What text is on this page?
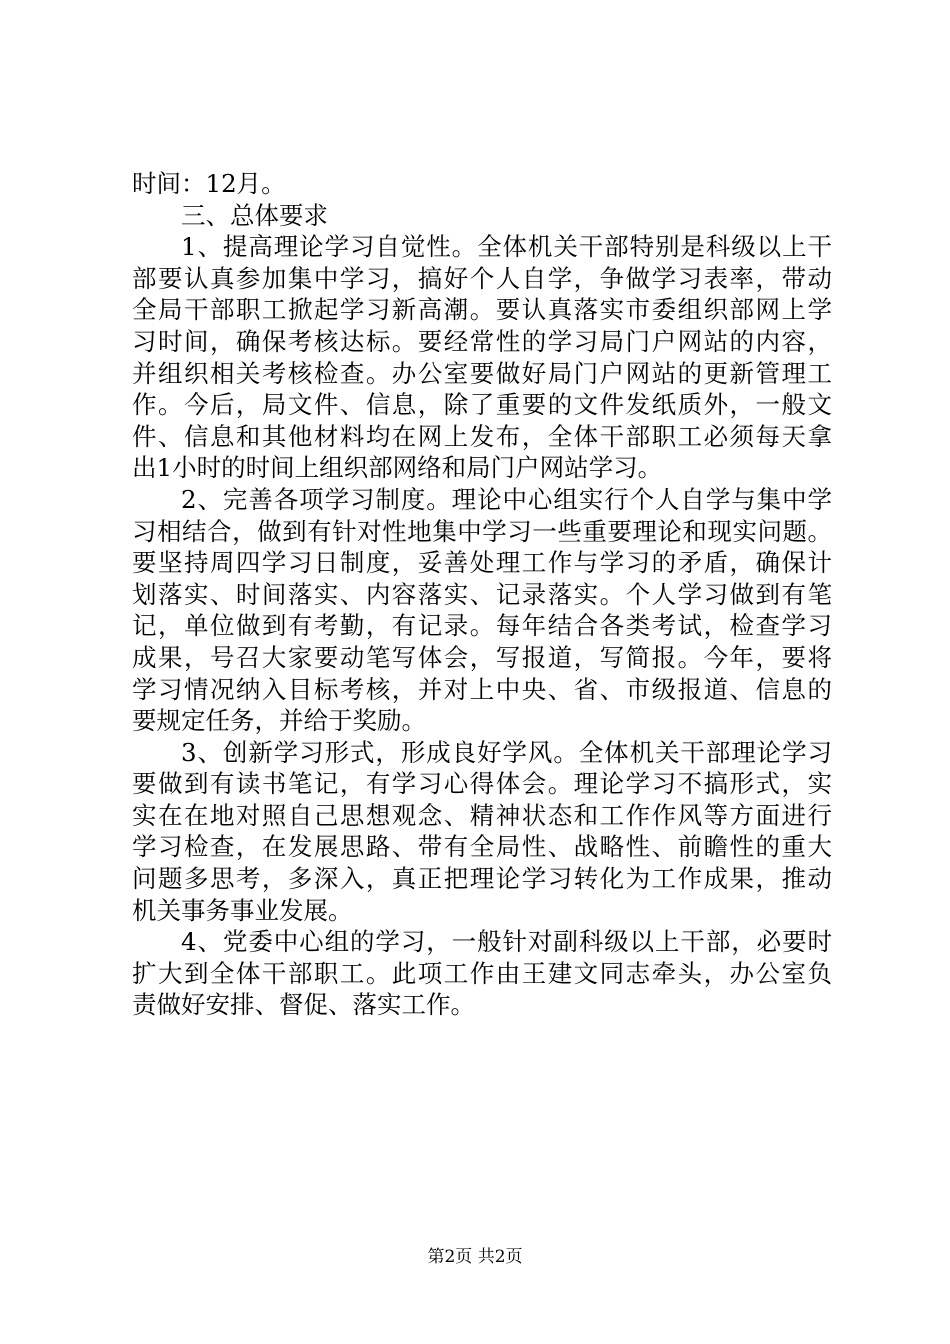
时间：12月。
三、总体要求
1、提高理论学习自觉性。全体机关干部特别是科级以上干
部要认真参加集中学习，搞好个人自学，争做学习表率，带动
全局干部职工掀起学习新高潮。要认真落实市委组织部网上学
习时间，确保考核达标。要经常性的学习局门户网站的内容，
并组织相关考核检查。办公室要做好局门户网站的更新管理工
作。今后，局文件、信息，除了重要的文件发纸质外，一般文
件、信息和其他材料均在网上发布，全体干部职工必须每天拿
出1小时的时间上组织部网络和局门户网站学习。
2、完善各项学习制度。理论中心组实行个人自学与集中学
习相结合，做到有针对性地集中学习一些重要理论和现实问题。
要坚持周四学习日制度，妥善处理工作与学习的矛盾，确保计
划落实、时间落实、内容落实、记录落实。个人学习做到有笔
记，单位做到有考勤，有记录。每年结合各类考试，检查学习
成果，号召大家要动笔写体会，写报道，写简报。今年，要将
学习情况纳入目标考核，并对上中央、省、市级报道、信息的
要规定任务，并给于奖励。
3、创新学习形式，形成良好学风。全体机关干部理论学习
要做到有读书笔记，有学习心得体会。理论学习不搞形式，实
实在在地对照自己思想观念、精神状态和工作作风等方面进行
学习检查，在发展思路、带有全局性、战略性、前瞻性的重大
问题多思考，多深入，真正把理论学习转化为工作成果，推动
机关事务事业发展。
4、党委中心组的学习，一般针对副科级以上干部，必要时
扩大到全体干部职工。此项工作由王建文同志牵头，办公室负
责做好安排、督促、落实工作。
第2页 共2页
